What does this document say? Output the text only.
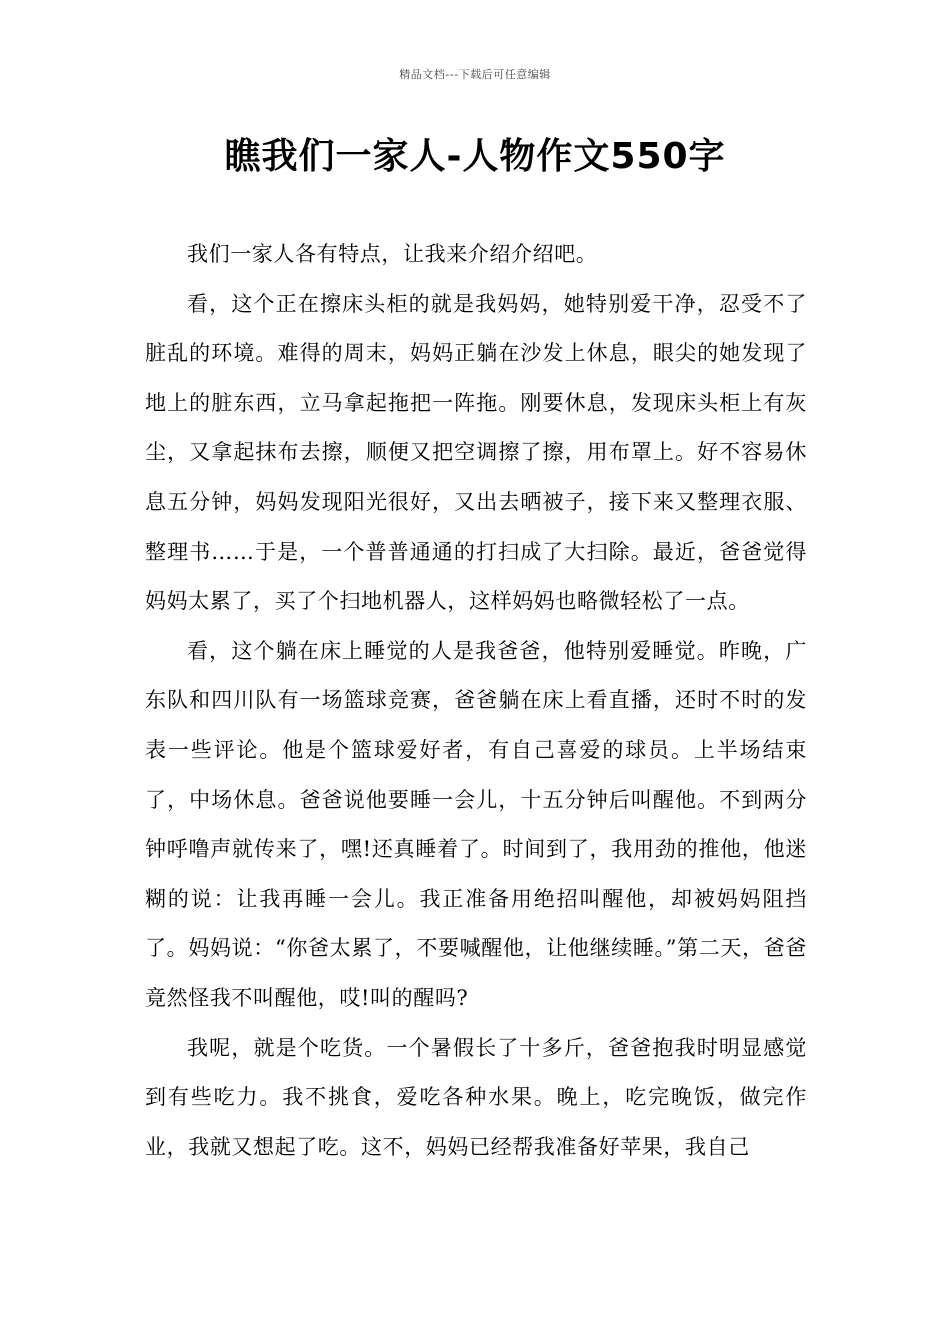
精品文档---下载后可任意编辑
瞧我们一家人-人物作文550字

我们一家人各有特点，让我来介绍介绍吧。

看，这个正在擦床头柜的就是我妈妈，她特别爱干净，忍受不了脏乱的环境。难得的周末，妈妈正躺在沙发上休息，眼尖的她发现了地上的脏东西，立马拿起拖把一阵拖。刚要休息，发现床头柜上有灰尘，又拿起抹布去擦，顺便又把空调擦了擦，用布罩上。好不容易休息五分钟，妈妈发现阳光很好，又出去晒被子，接下来又整理衣服、整理书……于是，一个普普通通的打扫成了大扫除。最近，爸爸觉得妈妈太累了，买了个扫地机器人，这样妈妈也略微轻松了一点。

看，这个躺在床上睡觉的人是我爸爸，他特别爱睡觉。昨晚，广东队和四川队有一场篮球竞赛，爸爸躺在床上看直播，还时不时的发表一些评论。他是个篮球爱好者，有自己喜爱的球员。上半场结束了，中场休息。爸爸说他要睡一会儿，十五分钟后叫醒他。不到两分钟呼噜声就传来了，嘿!还真睡着了。时间到了，我用劲的推他，他迷糊的说：让我再睡一会儿。我正准备用绝招叫醒他，却被妈妈阻挡了。妈妈说：“你爸太累了，不要喊醒他，让他继续睡。”第二天，爸爸竟然怪我不叫醒他，哎!叫的醒吗?

我呢，就是个吃货。一个暑假长了十多斤，爸爸抱我时明显感觉到有些吃力。我不挑食，爱吃各种水果。晚上，吃完晚饭，做完作业，我就又想起了吃。这不，妈妈已经帮我准备好苹果，我自己
